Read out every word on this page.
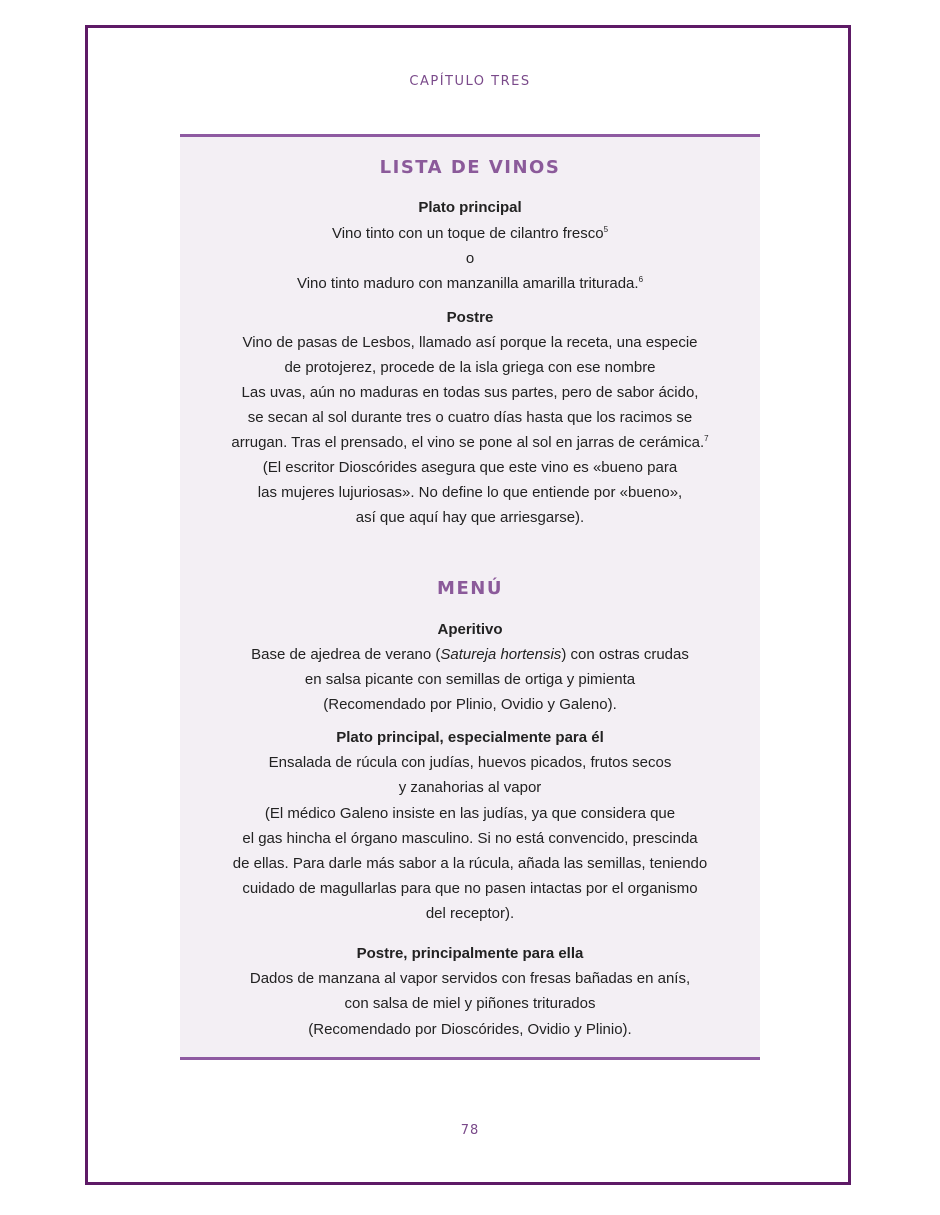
CAPÍTULO TRES
LISTA DE VINOS
Plato principal
Vino tinto con un toque de cilantro fresco$^5$
o
Vino tinto maduro con manzanilla amarilla triturada.$^6$
Postre
Vino de pasas de Lesbos, llamado así porque la receta, una especie
de protojerez, procede de la isla griega con ese nombre
Las uvas, aún no maduras en todas sus partes, pero de sabor ácido,
se secan al sol durante tres o cuatro días hasta que los racimos se
arrugan. Tras el prensado, el vino se pone al sol en jarras de cerámica.$^7$
(El escritor Dioscórides asegura que este vino es «bueno para
las mujeres lujuriosas». No define lo que entiende por «bueno»,
así que aquí hay que arriesgarse).
MENÚ
Aperitivo
Base de ajedrea de verano (Satureja hortensis) con ostras crudas
en salsa picante con semillas de ortiga y pimienta
(Recomendado por Plinio, Ovidio y Galeno).
Plato principal, especialmente para él
Ensalada de rúcula con judías, huevos picados, frutos secos
y zanahorias al vapor
(El médico Galeno insiste en las judías, ya que considera que
el gas hincha el órgano masculino. Si no está convencido, prescinda
de ellas. Para darle más sabor a la rúcula, añada las semillas, teniendo
cuidado de magullarlas para que no pasen intactas por el organismo
del receptor).
Postre, principalmente para ella
Dados de manzana al vapor servidos con fresas bañadas en anís,
con salsa de miel y piñones triturados
(Recomendado por Dioscórides, Ovidio y Plinio).
78
